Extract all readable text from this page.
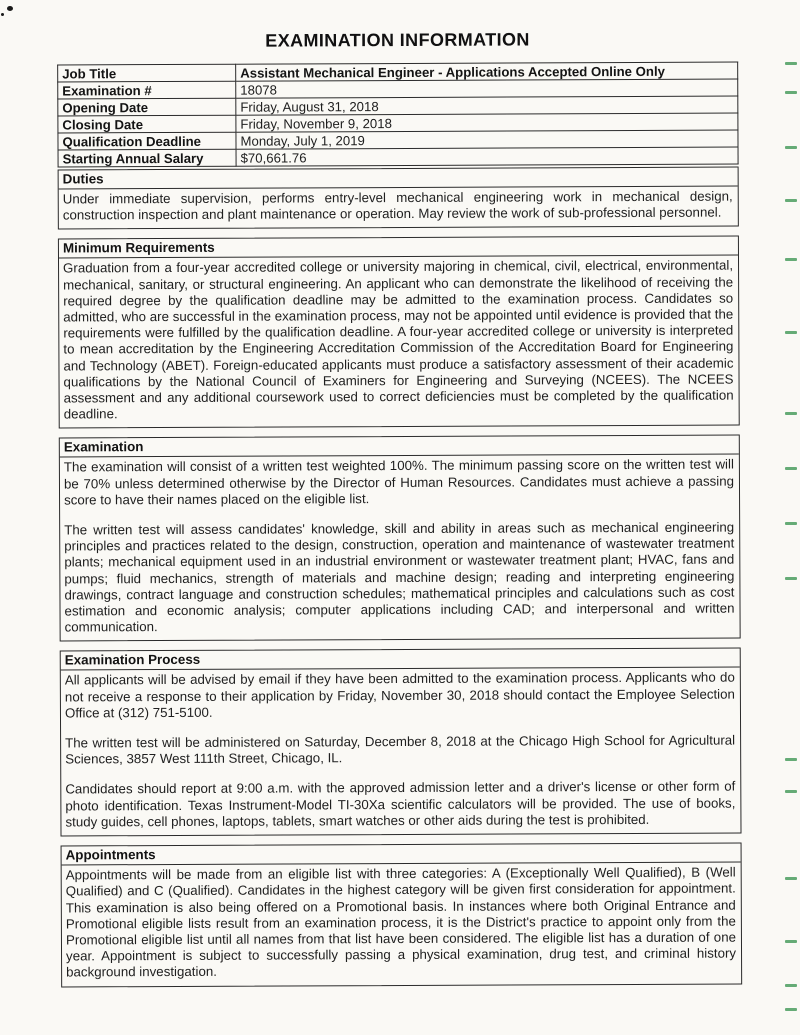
EXAMINATION INFORMATION
Job Title	Assistant Mechanical Engineer - Applications Accepted Online Only
Examination #	18078
Opening Date	Friday, August 31, 2018
Closing Date	Friday, November 9, 2018
Qualification Deadline	Monday, July 1, 2019
Starting Annual Salary	$70,661.76
Duties

Under immediate supervision, performs entry-level mechanical engineering work in mechanical design, construction inspection and plant maintenance or operation. May review the work of sub-professional personnel.

Minimum Requirements

Graduation from a four-year accredited college or university majoring in chemical, civil, electrical, environmental, mechanical, sanitary, or structural engineering. An applicant who can demonstrate the likelihood of receiving the required degree by the qualification deadline may be admitted to the examination process. Candidates so admitted, who are successful in the examination process, may not be appointed until evidence is provided that the requirements were fulfilled by the qualification deadline. A four-year accredited college or university is interpreted to mean accreditation by the Engineering Accreditation Commission of the Accreditation Board for Engineering and Technology (ABET). Foreign-educated applicants must produce a satisfactory assessment of their academic qualifications by the National Council of Examiners for Engineering and Surveying (NCEES). The NCEES assessment and any additional coursework used to correct deficiencies must be completed by the qualification deadline.

Examination

The examination will consist of a written test weighted 100%. The minimum passing score on the written test will be 70% unless determined otherwise by the Director of Human Resources. Candidates must achieve a passing score to have their names placed on the eligible list.

The written test will assess candidates' knowledge, skill and ability in areas such as mechanical engineering principles and practices related to the design, construction, operation and maintenance of wastewater treatment plants; mechanical equipment used in an industrial environment or wastewater treatment plant; HVAC, fans and pumps; fluid mechanics, strength of materials and machine design; reading and interpreting engineering drawings, contract language and construction schedules; mathematical principles and calculations such as cost estimation and economic analysis; computer applications including CAD; and interpersonal and written communication.

Examination Process

All applicants will be advised by email if they have been admitted to the examination process. Applicants who do not receive a response to their application by Friday, November 30, 2018 should contact the Employee Selection Office at (312) 751-5100.

The written test will be administered on Saturday, December 8, 2018 at the Chicago High School for Agricultural Sciences, 3857 West 111th Street, Chicago, IL.

Candidates should report at 9:00 a.m. with the approved admission letter and a driver's license or other form of photo identification. Texas Instrument-Model TI-30Xa scientific calculators will be provided. The use of books, study guides, cell phones, laptops, tablets, smart watches or other aids during the test is prohibited.

Appointments

Appointments will be made from an eligible list with three categories: A (Exceptionally Well Qualified), B (Well Qualified) and C (Qualified). Candidates in the highest category will be given first consideration for appointment. This examination is also being offered on a Promotional basis. In instances where both Original Entrance and Promotional eligible lists result from an examination process, it is the District's practice to appoint only from the Promotional eligible list until all names from that list have been considered. The eligible list has a duration of one year. Appointment is subject to successfully passing a physical examination, drug test, and criminal history background investigation.
